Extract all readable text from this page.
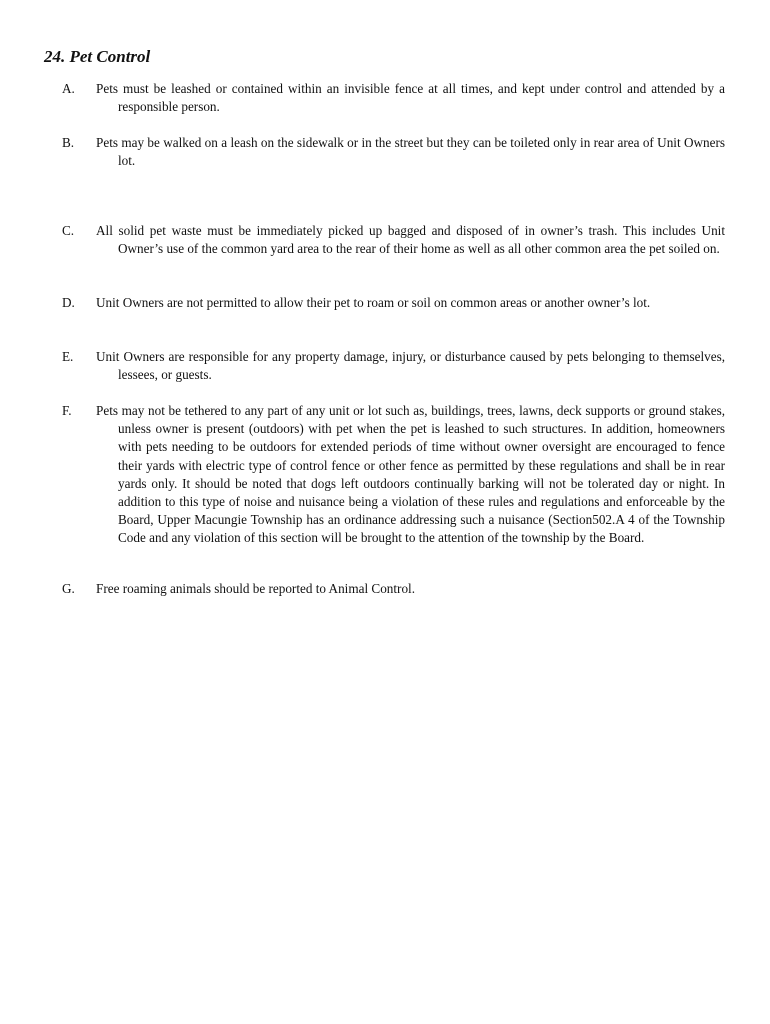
24. Pet Control

A. Pets must be leashed or contained within an invisible fence at all times, and kept under control and attended by a responsible person.

B. Pets may be walked on a leash on the sidewalk or in the street but they can be toileted only in rear area of Unit Owners lot.

C. All solid pet waste must be immediately picked up bagged and disposed of in owner’s trash. This includes Unit Owner’s use of the common yard area to the rear of their home as well as all other common area the pet soiled on.

D. Unit Owners are not permitted to allow their pet to roam or soil on common areas or another owner’s lot.

E. Unit Owners are responsible for any property damage, injury, or disturbance caused by pets belonging to themselves, lessees, or guests.

F. Pets may not be tethered to any part of any unit or lot such as, buildings, trees, lawns, deck supports or ground stakes, unless owner is present (outdoors) with pet when the pet is leashed to such structures. In addition, homeowners with pets needing to be outdoors for extended periods of time without owner oversight are encouraged to fence their yards with electric type of control fence or other fence as permitted by these regulations and shall be in rear yards only. It should be noted that dogs left outdoors continually barking will not be tolerated day or night. In addition to this type of noise and nuisance being a violation of these rules and regulations and enforceable by the Board, Upper Macungie Township has an ordinance addressing such a nuisance (Section502.A 4 of the Township Code and any violation of this section will be brought to the attention of the township by the Board.

G. Free roaming animals should be reported to Animal Control.
